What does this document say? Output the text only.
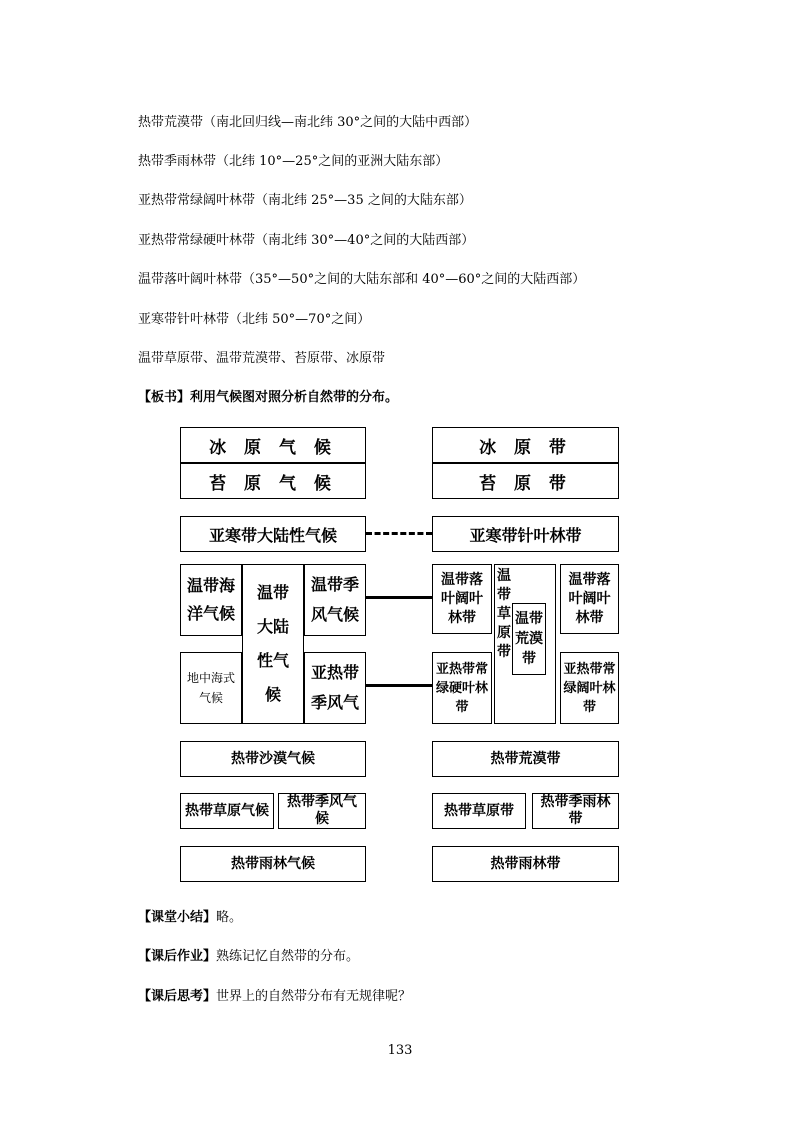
热带荒漠带（南北回归线—南北纬 30°之间的大陆中西部）
热带季雨林带（北纬 10°—25°之间的亚洲大陆东部）
亚热带常绿阔叶林带（南北纬 25°—35 之间的大陆东部）
亚热带常绿硬叶林带（南北纬 30°—40°之间的大陆西部）
温带落叶阔叶林带（35°—50°之间的大陆东部和 40°—60°之间的大陆西部）
亚寒带针叶林带（北纬 50°—70°之间）
温带草原带、温带荒漠带、苔原带、冰原带
【板书】利用气候图对照分析自然带的分布。
冰 原 气 候
苔 原 气 候
亚寒带大陆性气候
温带海
洋气候
地中海式
气候
温带
大陆
性气
候
温带季
风气候
亚热带
季风气
热带沙漠气候
热带草原气候
热带季风气
候
热带雨林气候
冰 原 带
苔 原 带
亚寒带针叶林带
温带落
叶阔叶
林带
亚热带常
绿硬叶林
带
温
带
草
原
带
温带
荒漠
带
温带落
叶阔叶
林带
亚热带常
绿阔叶林
带
热带荒漠带
热带草原带
热带季雨林
带
热带雨林带
【课堂小结】略。
【课后作业】熟练记忆自然带的分布。
【课后思考】世界上的自然带分布有无规律呢？
133
